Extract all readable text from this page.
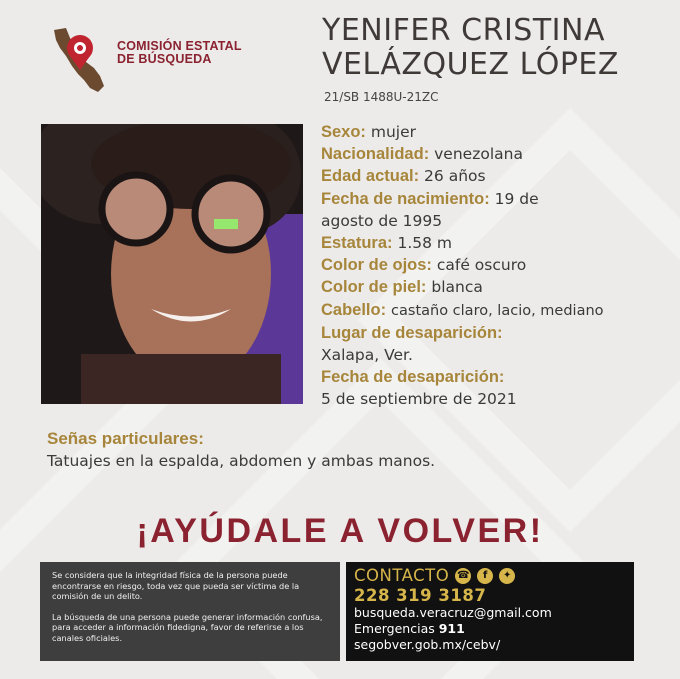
COMISIÓN ESTATAL
DE BÚSQUEDA
YENIFER CRISTINA
VELÁZQUEZ LÓPEZ
21/SB 1488U-21ZC
Sexo: mujer
Nacionalidad: venezolana
Edad actual: 26 años
Fecha de nacimiento: 19 de agosto de 1995
Estatura: 1.58 m
Color de ojos: café oscuro
Color de piel: blanca
Cabello: castaño claro, lacio, mediano
Lugar de desaparición:
Xalapa, Ver.
Fecha de desaparición:
5 de septiembre de 2021
Señas particulares:
Tatuajes en la espalda, abdomen y ambas manos.
¡AYÚDALE A VOLVER!

Se considera que la integridad física de la persona puede encontrarse en riesgo, toda vez que pueda ser víctima de la comisión de un delito.

La búsqueda de una persona puede generar información confusa, para acceder a información fidedigna, favor de referirse a los canales oficiales.

CONTACTO ☎	f	✦
228 319 3187
busqueda.veracruz@gmail.com
Emergencias 911
segobver.gob.mx/cebv/
